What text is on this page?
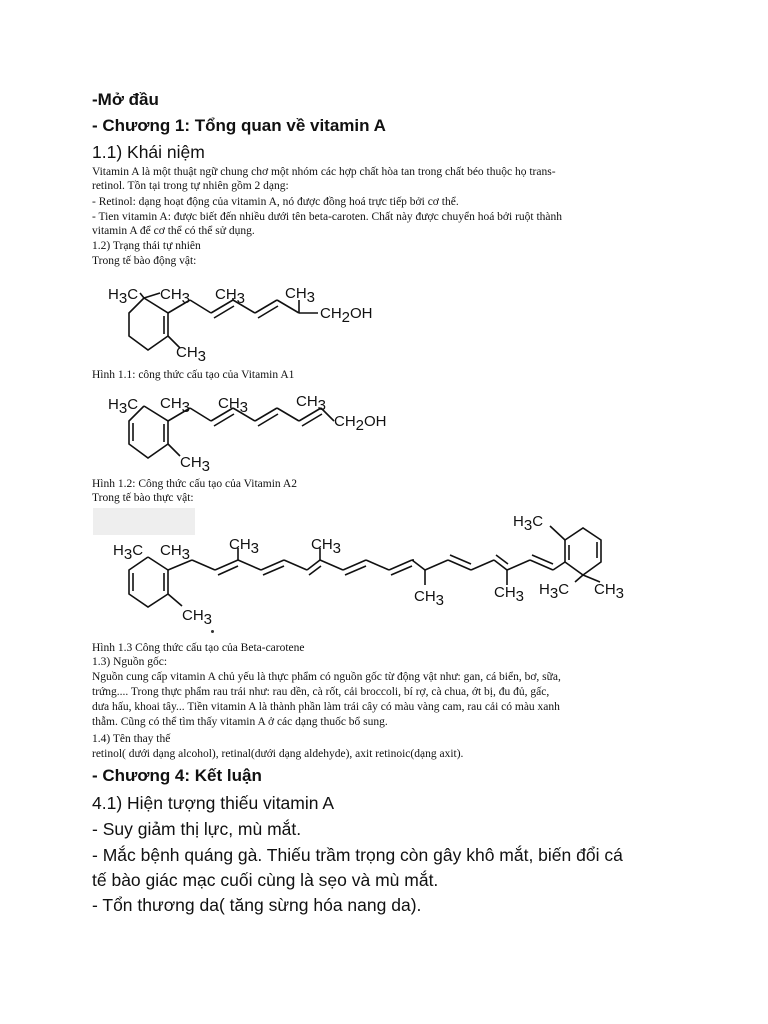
-Mở đầu
- Chương 1: Tổng quan về vitamin A
1.1) Khái niệm
Vitamin A là một thuật ngữ chung chơ một nhóm các hợp chất hòa tan trong chất béo thuộc họ trans-
retinol. Tồn tại trong tự nhiên gồm 2 dạng:
- Retinol: dạng hoạt động của vitamin A, nó được đồng hoá trực tiếp bởi cơ thể.
- Tien vitamin A: được biết đến nhiều dưới tên beta-caroten. Chất này được chuyển hoá bởi ruột thành
vitamin A để cơ thể có thể sử dụng.
1.2) Trạng thái tự nhiên
Trong tế bào động vật:
H3C CH3 CH3	CH3
CH2OH
CH3
Hình 1.1: công thức cấu tạo của Vitamin A1
H3C CH3 CH3	CH3
CH2OH
CH3
Hình 1.2: Công thức cấu tạo của Vitamin A2
Trong tế bào thực vật:
H3C CH3
CH3	CH3
CH3	CH3
H3C
H3C CH3
CH3
Hình 1.3 Công thức cấu tạo của Beta-carotene
1.3) Nguồn gốc:
Nguồn cung cấp vitamin A chủ yếu là thực phẩm có nguồn gốc từ động vật như: gan, cá biển, bơ, sữa,
trứng.... Trong thực phẩm rau trái như: rau dền, cà rốt, cải broccoli, bí rợ, cà chua, ớt bị, đu đủ, gấc,
dưa hấu, khoai tây... Tiền vitamin A là thành phần làm trái cây có màu vàng cam, rau cải có màu xanh
thẫm. Cũng có thể tìm thấy vitamin A ở các dạng thuốc bổ sung.
1.4) Tên thay thế
retinol( dưới dạng alcohol), retinal(dưới dạng aldehyde), axit retinoic(dạng axit).
- Chương 4: Kết luận
4.1) Hiện tượng thiếu vitamin A
- Suy giảm thị lực, mù mắt.
- Mắc bệnh quáng gà. Thiếu trầm trọng còn gây khô mắt, biến đổi cá
tế bào giác mạc cuối cùng là sẹo và mù mắt.
- Tổn thương da( tăng sừng hóa nang da).
